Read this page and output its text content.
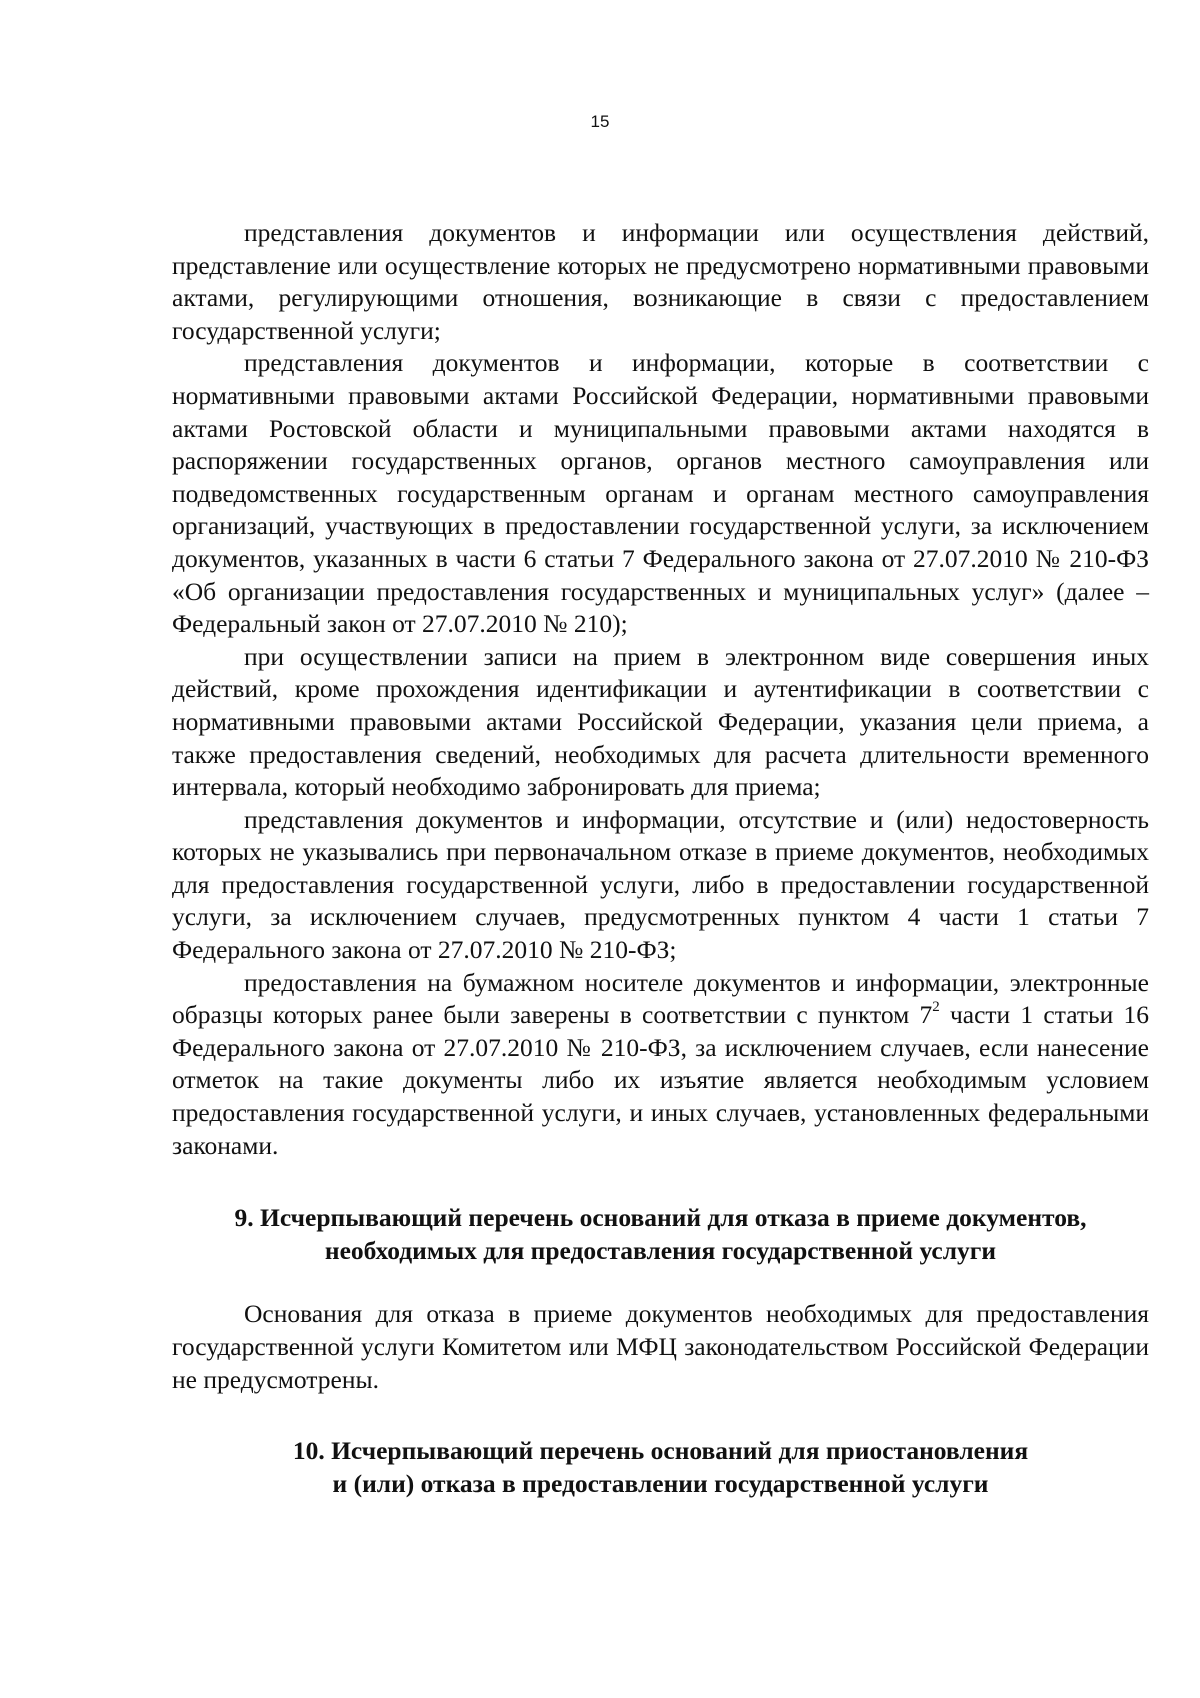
15

представления документов и информации или осуществления действий, представление или осуществление которых не предусмотрено нормативными правовыми актами, регулирующими отношения, возникающие в связи с предоставлением государственной услуги;

представления документов и информации, которые в соответствии с нормативными правовыми актами Российской Федерации, нормативными правовыми актами Ростовской области и муниципальными правовыми актами находятся в распоряжении государственных органов, органов местного самоуправления или подведомственных государственным органам и органам местного самоуправления организаций, участвующих в предоставлении государственной услуги, за исключением документов, указанных в части 6 статьи 7 Федерального закона от 27.07.2010 № 210-ФЗ «Об организации предоставления государственных и муниципальных услуг» (далее – Федеральный закон от 27.07.2010 № 210);

при осуществлении записи на прием в электронном виде совершения иных действий, кроме прохождения идентификации и аутентификации в соответствии с нормативными правовыми актами Российской Федерации, указания цели приема, а также предоставления сведений, необходимых для расчета длительности временного интервала, который необходимо забронировать для приема;

представления документов и информации, отсутствие и (или) недостоверность которых не указывались при первоначальном отказе в приеме документов, необходимых для предоставления государственной услуги, либо в предоставлении государственной услуги, за исключением случаев, предусмотренных пунктом 4 части 1 статьи 7 Федерального закона от 27.07.2010 № 210-ФЗ;

предоставления на бумажном носителе документов и информации, электронные образцы которых ранее были заверены в соответствии с пунктом $7^2$ части 1 статьи 16 Федерального закона от 27.07.2010 № 210-ФЗ, за исключением случаев, если нанесение отметок на такие документы либо их изъятие является необходимым условием предоставления государственной услуги, и иных случаев, установленных федеральными законами.

9. Исчерпывающий перечень оснований для отказа в приеме документов,
необходимых для предоставления государственной услуги

Основания для отказа в приеме документов необходимых для предоставления государственной услуги Комитетом или МФЦ законодательством Российской Федерации не предусмотрены.

10. Исчерпывающий перечень оснований для приостановления
и (или) отказа в предоставлении государственной услуги
